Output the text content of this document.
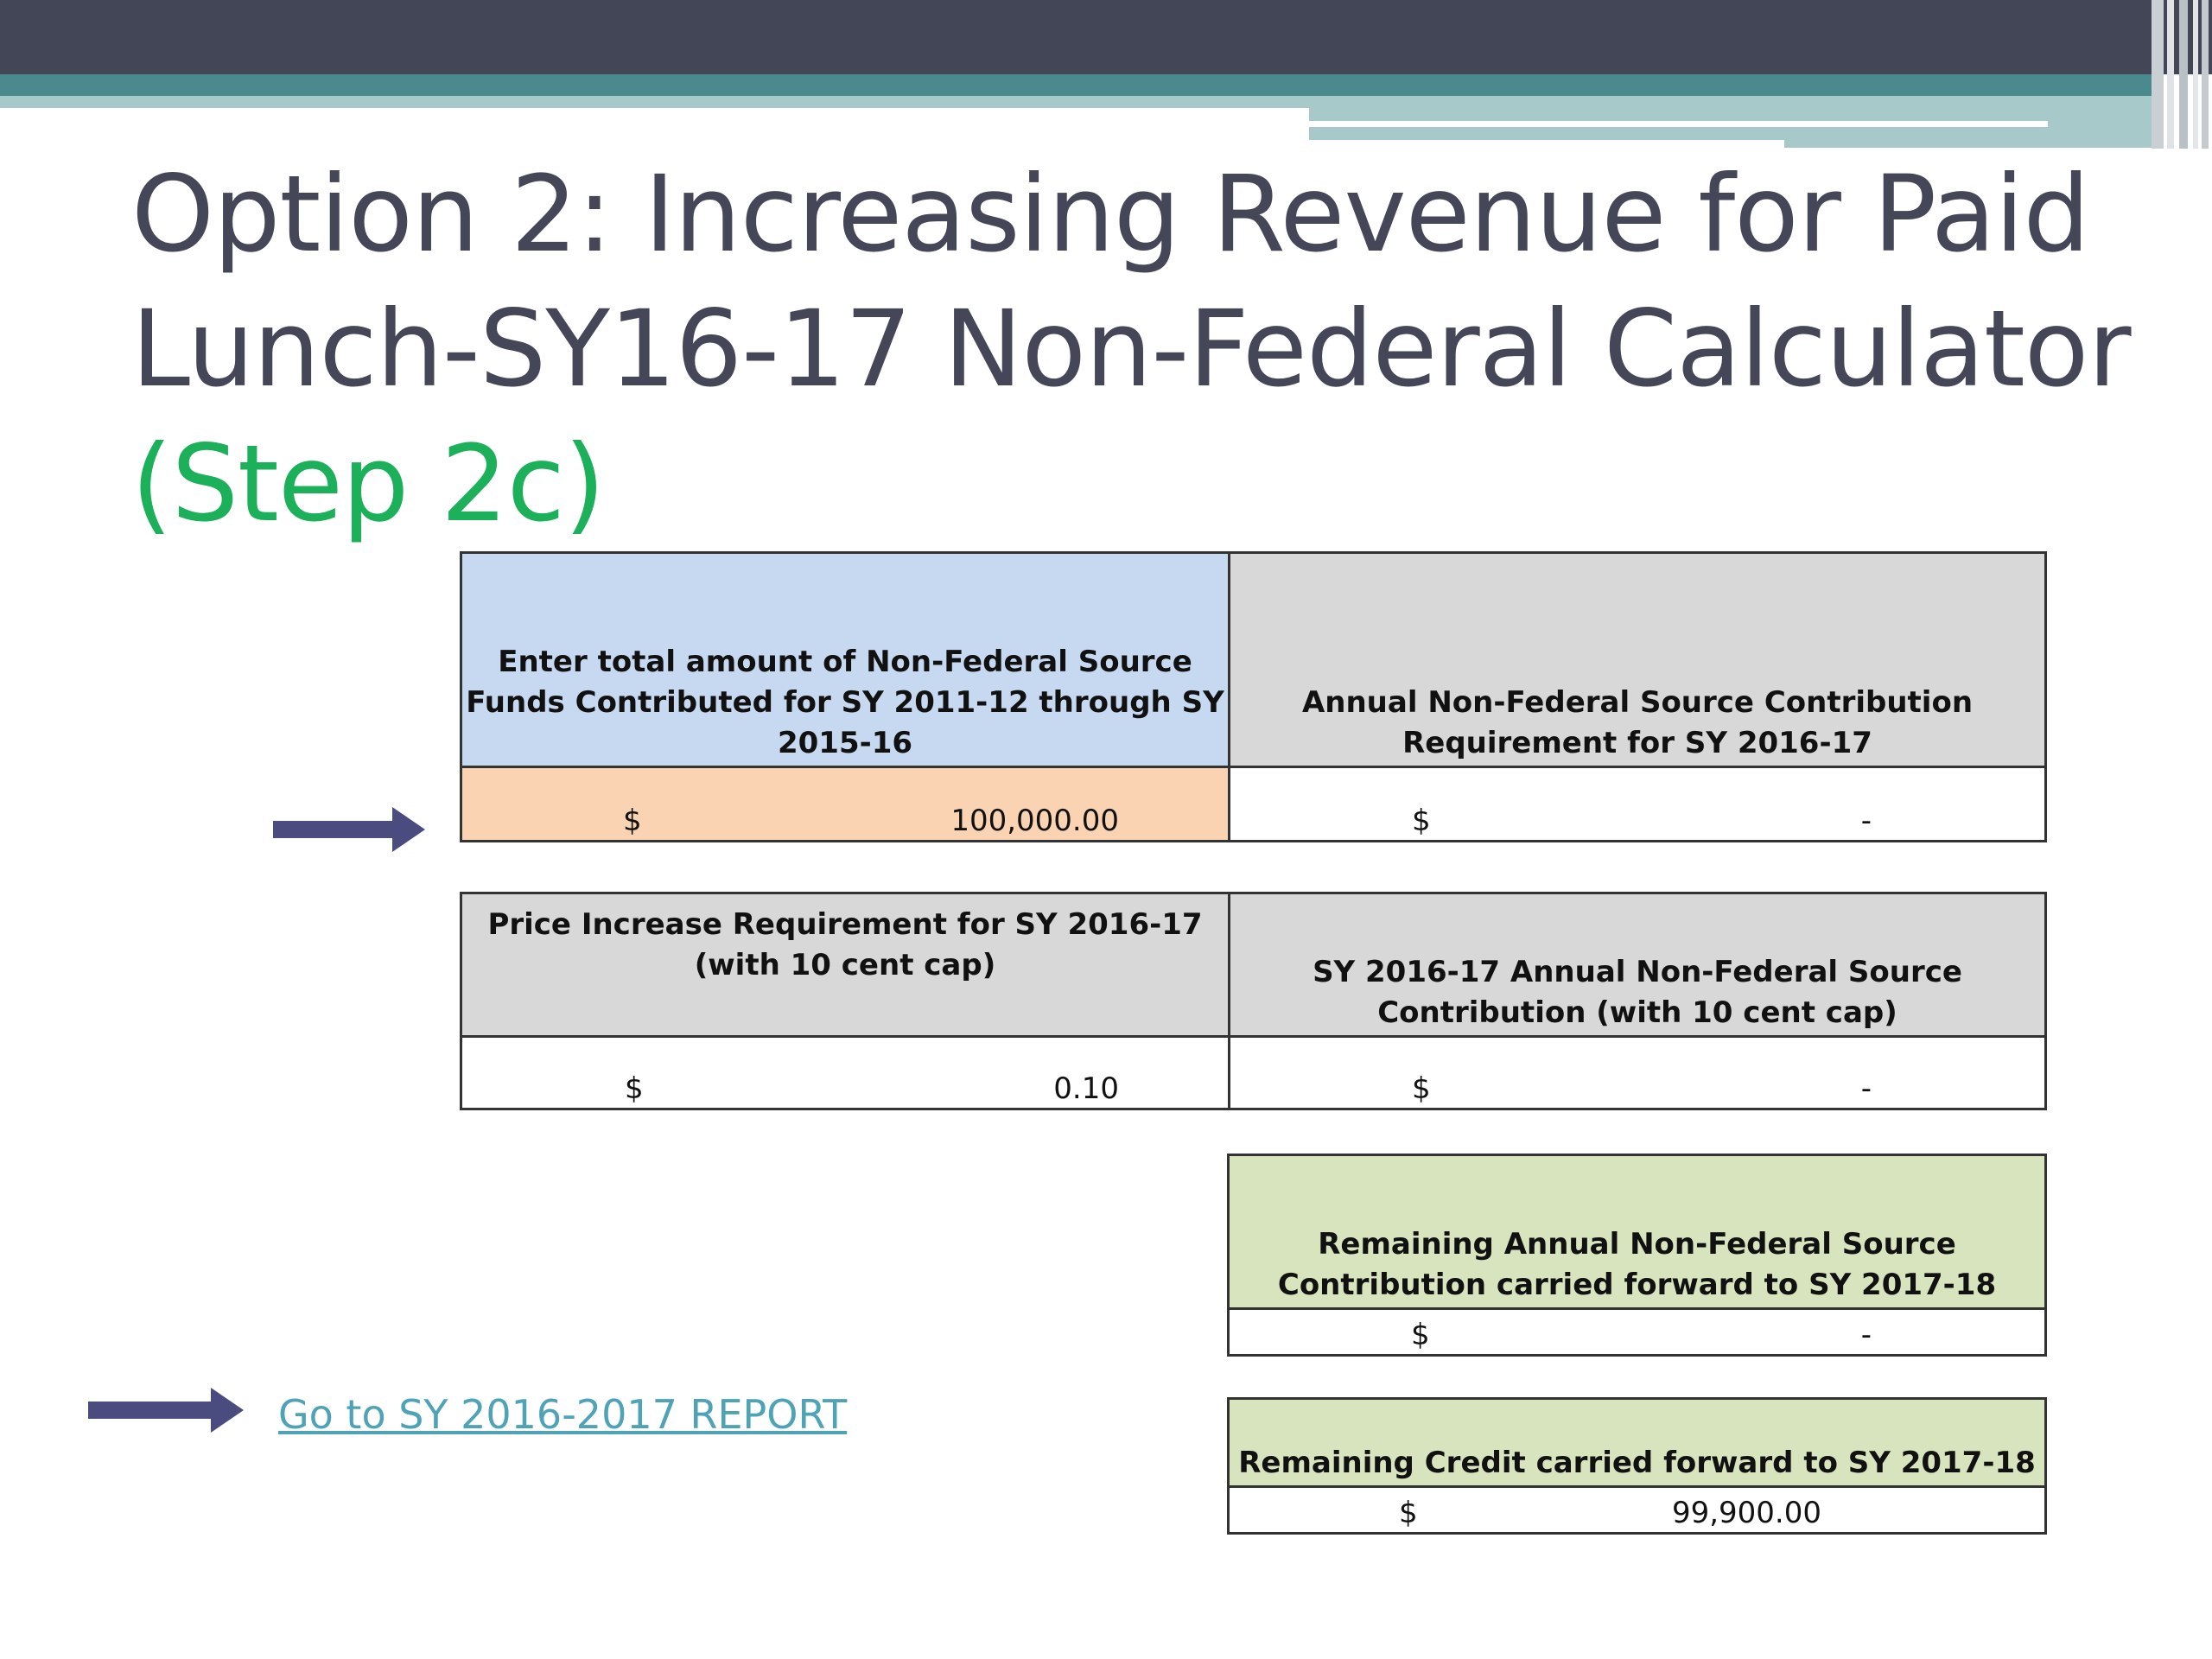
Option 2: Increasing Revenue for Paid
Lunch-SY16-17 Non-Federal Calculator
(Step 2c)
Enter total amount of Non-Federal Source Funds Contributed for SY 2011-12 through SY 2015-16	Annual Non-Federal Source Contribution Requirement for SY 2016-17

$ 100,000.00	$ -
Price Increase Requirement for SY 2016-17 (with 10 cent cap)	SY 2016-17 Annual Non-Federal Source Contribution (with 10 cent cap)

$ 0.10	$ -
Remaining Annual Non-Federal Source Contribution carried forward to SY 2017-18

$	-
Remaining Credit carried forward to SY 2017-18

$	99,900.00
Go to SY 2016-2017 REPORT
